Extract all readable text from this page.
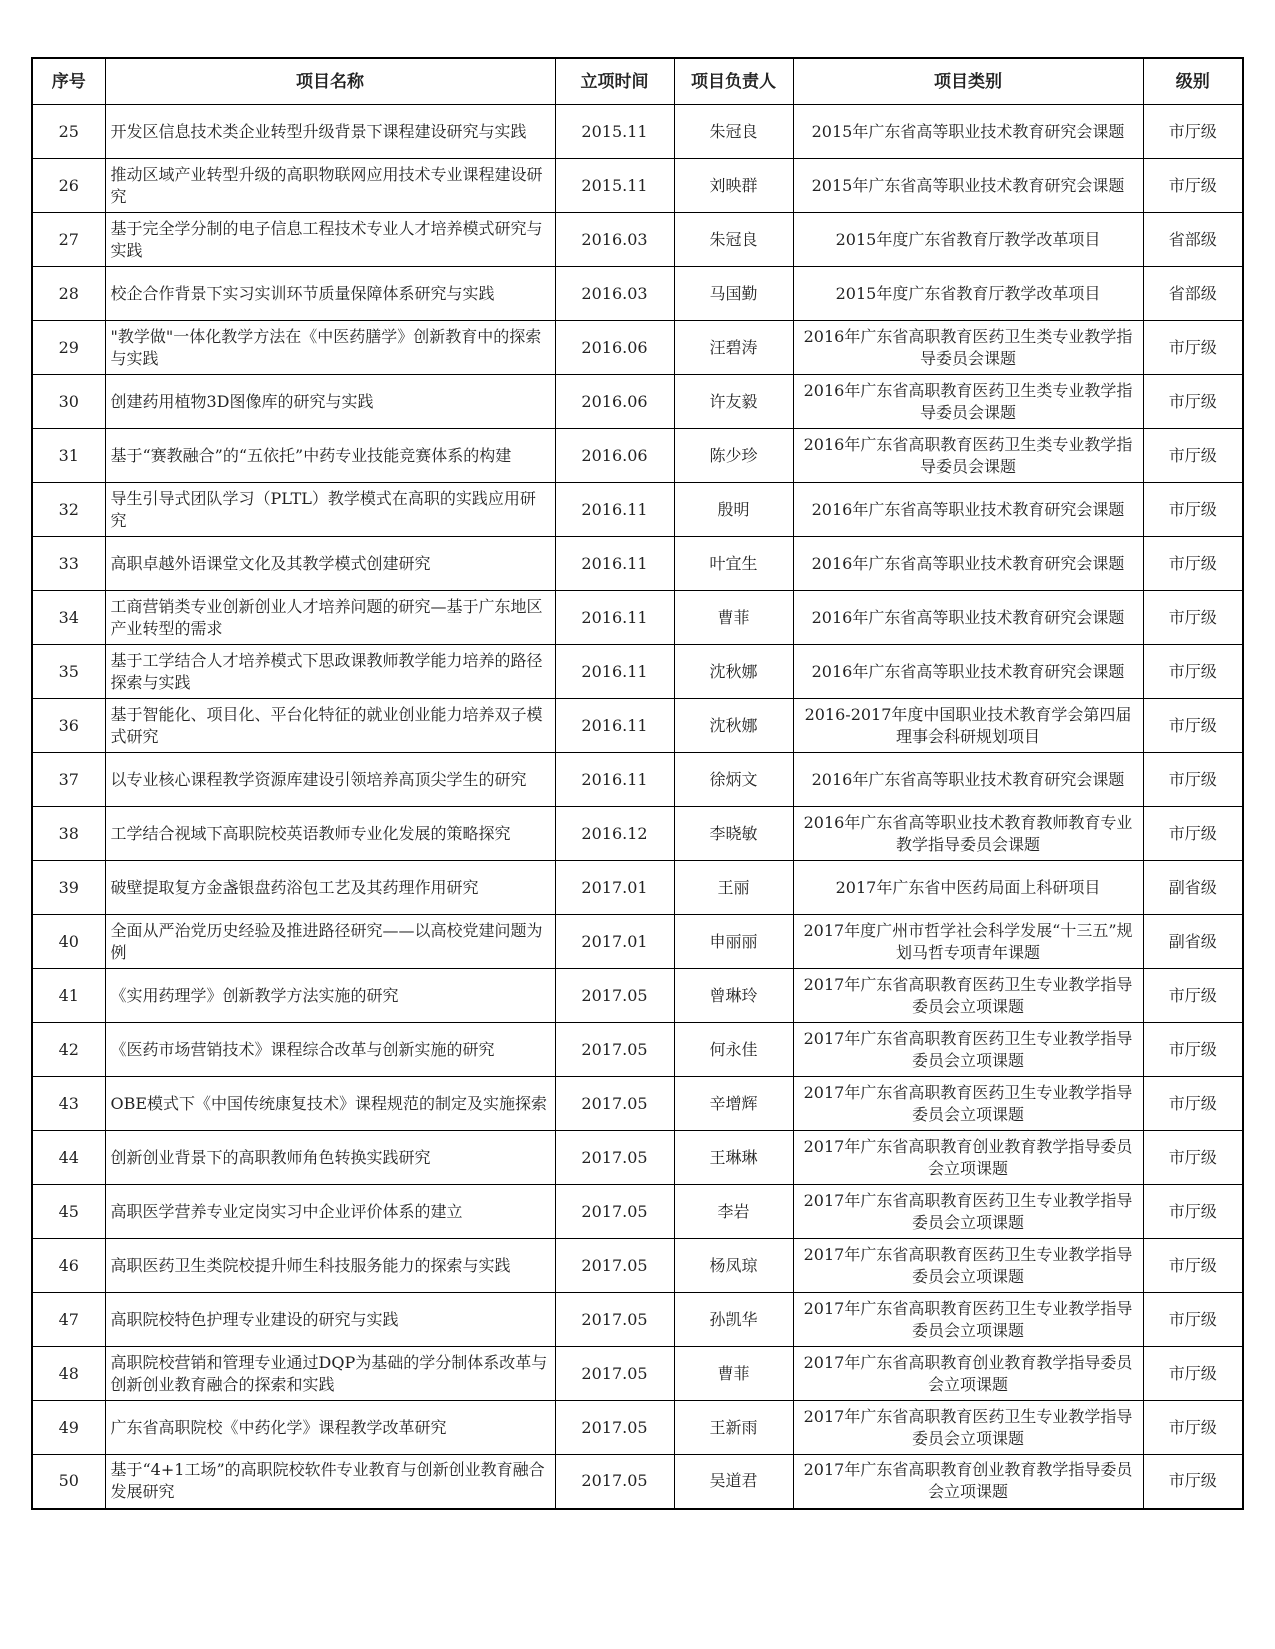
序号	项目名称	立项时间	项目负责人	项目类别	级别
25	开发区信息技术类企业转型升级背景下课程建设研究与实践	2015.11	朱冠良	2015年广东省高等职业技术教育研究会课题	市厅级
26	推动区域产业转型升级的高职物联网应用技术专业课程建设研究	2015.11	刘映群	2015年广东省高等职业技术教育研究会课题	市厅级
27	基于完全学分制的电子信息工程技术专业人才培养模式研究与实践	2016.03	朱冠良	2015年度广东省教育厅教学改革项目	省部级
28	校企合作背景下实习实训环节质量保障体系研究与实践	2016.03	马国勤	2015年度广东省教育厅教学改革项目	省部级
29	"教学做"一体化教学方法在《中医药膳学》创新教育中的探索与实践	2016.06	汪碧涛	2016年广东省高职教育医药卫生类专业教学指导委员会课题	市厅级
30	创建药用植物3D图像库的研究与实践	2016.06	许友毅	2016年广东省高职教育医药卫生类专业教学指导委员会课题	市厅级
31	基于“赛教融合”的“五依托”中药专业技能竞赛体系的构建	2016.06	陈少珍	2016年广东省高职教育医药卫生类专业教学指导委员会课题	市厅级
32	导生引导式团队学习（PLTL）教学模式在高职的实践应用研究	2016.11	殷明	2016年广东省高等职业技术教育研究会课题	市厅级
33	高职卓越外语课堂文化及其教学模式创建研究	2016.11	叶宜生	2016年广东省高等职业技术教育研究会课题	市厅级
34	工商营销类专业创新创业人才培养问题的研究—基于广东地区产业转型的需求	2016.11	曹菲	2016年广东省高等职业技术教育研究会课题	市厅级
35	基于工学结合人才培养模式下思政课教师教学能力培养的路径探索与实践	2016.11	沈秋娜	2016年广东省高等职业技术教育研究会课题	市厅级
36	基于智能化、项目化、平台化特征的就业创业能力培养双子模式研究	2016.11	沈秋娜	2016-2017年度中国职业技术教育学会第四届理事会科研规划项目	市厅级
37	以专业核心课程教学资源库建设引领培养高顶尖学生的研究	2016.11	徐炳文	2016年广东省高等职业技术教育研究会课题	市厅级
38	工学结合视域下高职院校英语教师专业化发展的策略探究	2016.12	李晓敏	2016年广东省高等职业技术教育教师教育专业教学指导委员会课题	市厅级
39	破壁提取复方金盏银盘药浴包工艺及其药理作用研究	2017.01	王丽	2017年广东省中医药局面上科研项目	副省级
40	全面从严治党历史经验及推进路径研究——以高校党建问题为例	2017.01	申丽丽	2017年度广州市哲学社会科学发展“十三五”规划马哲专项青年课题	副省级
41	《实用药理学》创新教学方法实施的研究	2017.05	曾琳玲	2017年广东省高职教育医药卫生专业教学指导委员会立项课题	市厅级
42	《医药市场营销技术》课程综合改革与创新实施的研究	2017.05	何永佳	2017年广东省高职教育医药卫生专业教学指导委员会立项课题	市厅级
43	OBE模式下《中国传统康复技术》课程规范的制定及实施探索	2017.05	辛增辉	2017年广东省高职教育医药卫生专业教学指导委员会立项课题	市厅级
44	创新创业背景下的高职教师角色转换实践研究	2017.05	王琳琳	2017年广东省高职教育创业教育教学指导委员会立项课题	市厅级
45	高职医学营养专业定岗实习中企业评价体系的建立	2017.05	李岩	2017年广东省高职教育医药卫生专业教学指导委员会立项课题	市厅级
46	高职医药卫生类院校提升师生科技服务能力的探索与实践	2017.05	杨凤琼	2017年广东省高职教育医药卫生专业教学指导委员会立项课题	市厅级
47	高职院校特色护理专业建设的研究与实践	2017.05	孙凯华	2017年广东省高职教育医药卫生专业教学指导委员会立项课题	市厅级
48	高职院校营销和管理专业通过DQP为基础的学分制体系改革与创新创业教育融合的探索和实践	2017.05	曹菲	2017年广东省高职教育创业教育教学指导委员会立项课题	市厅级
49	广东省高职院校《中药化学》课程教学改革研究	2017.05	王新雨	2017年广东省高职教育医药卫生专业教学指导委员会立项课题	市厅级
50	基于“4+1工场”的高职院校软件专业教育与创新创业教育融合发展研究	2017.05	吴道君	2017年广东省高职教育创业教育教学指导委员会立项课题	市厅级
